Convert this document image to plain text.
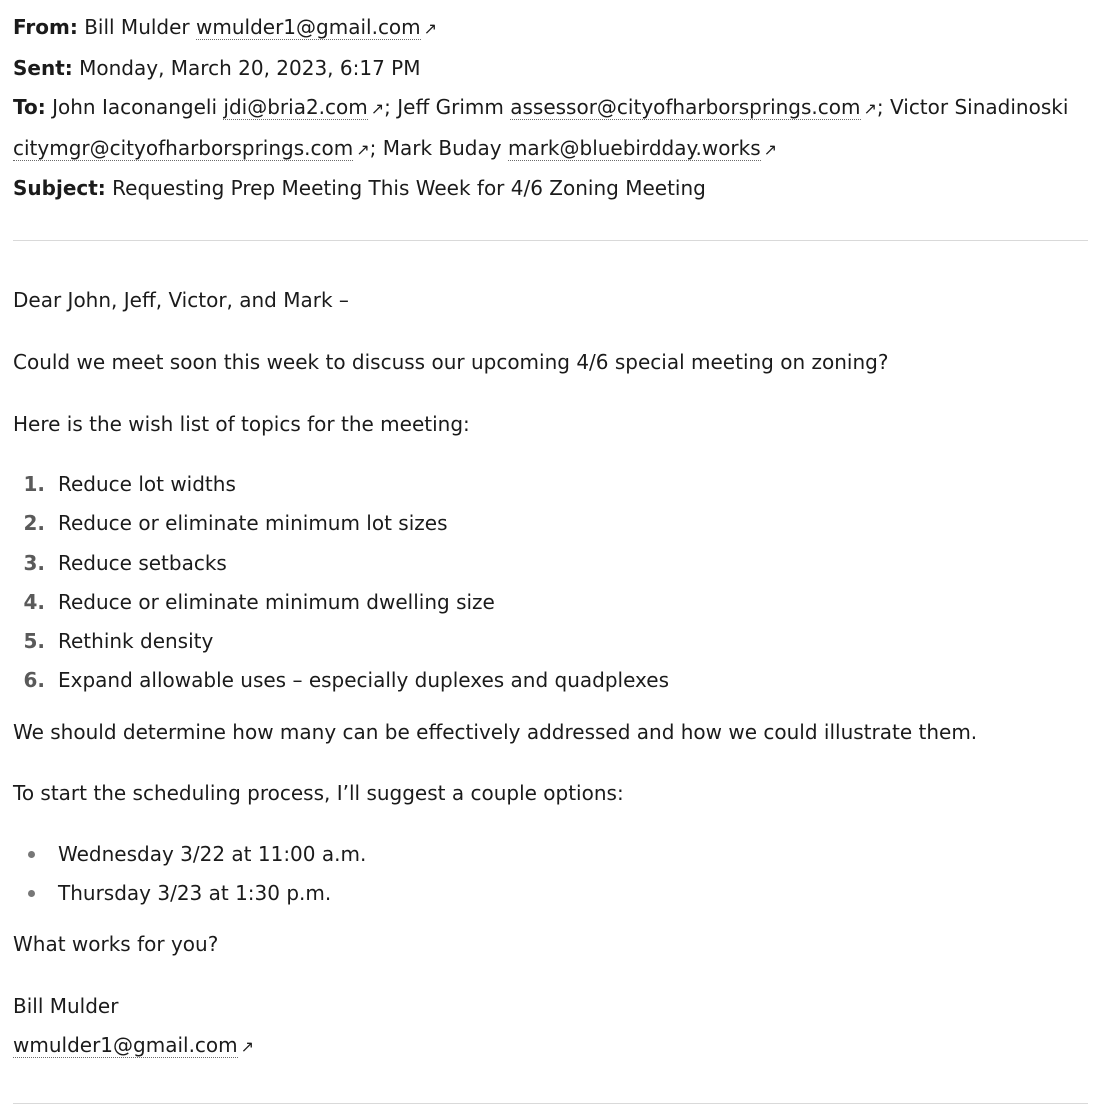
From: Bill Mulder wmulder1@gmail.com ↗
Sent: Monday, March 20, 2023, 6:17 PM
To: John Iaconangeli jdi@bria2.com ↗; Jeff Grimm assessor@cityofharborsprings.com ↗; Victor Sinadinoski
citymgr@cityofharborsprings.com ↗; Mark Buday mark@bluebirdday.works ↗
Subject: Requesting Prep Meeting This Week for 4/6 Zoning Meeting
Dear John, Jeff, Victor, and Mark –
Could we meet soon this week to discuss our upcoming 4/6 special meeting on zoning?
Here is the wish list of topics for the meeting:
1. Reduce lot widths
2. Reduce or eliminate minimum lot sizes
3. Reduce setbacks
4. Reduce or eliminate minimum dwelling size
5. Rethink density
6. Expand allowable uses – especially duplexes and quadplexes
We should determine how many can be effectively addressed and how we could illustrate them.
To start the scheduling process, I’ll suggest a couple options:
Wednesday 3/22 at 11:00 a.m.
Thursday 3/23 at 1:30 p.m.
What works for you?
Bill Mulder
wmulder1@gmail.com ↗
